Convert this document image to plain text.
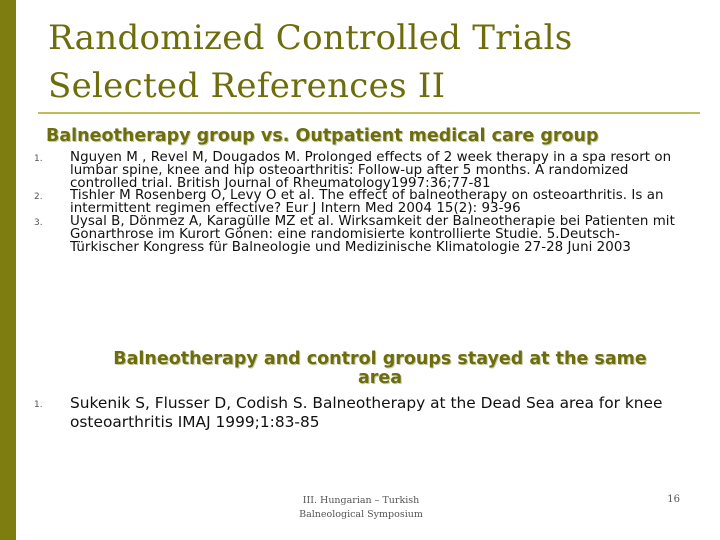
Randomized Controlled Trials
Selected References II
Balneotherapy group vs. Outpatient medical care group
1.	Nguyen M , Revel M, Dougados M. Prolonged effects of 2 week therapy in a spa resort on lumbar spine, knee and hip osteoarthritis: Follow-up after 5 months. A randomized controlled trial. British Journal of Rheumatology1997:36;77-81
2.	Tishler M Rosenberg O, Levy O et al. The effect of balneotherapy on osteoarthritis. Is an intermittent regimen effective? Eur J Intern Med 2004 15(2): 93-96
3.	Uysal B, Dönmez A, Karagülle MZ et al. Wirksamkeit der Balneotherapie bei Patienten mit Gonarthrose im Kurort Gönen: eine randomisierte kontrollierte Studie. 5.Deutsch-Türkischer Kongress für Balneologie und Medizinische Klimatologie 27-28 Juni 2003
Balneotherapy and control groups stayed at the same area
1.	Sukenik S, Flusser D, Codish S. Balneotherapy at the Dead Sea area for knee osteoarthritis IMAJ 1999;1:83-85
III. Hungarian – Turkish
Balneological Symposium
16
